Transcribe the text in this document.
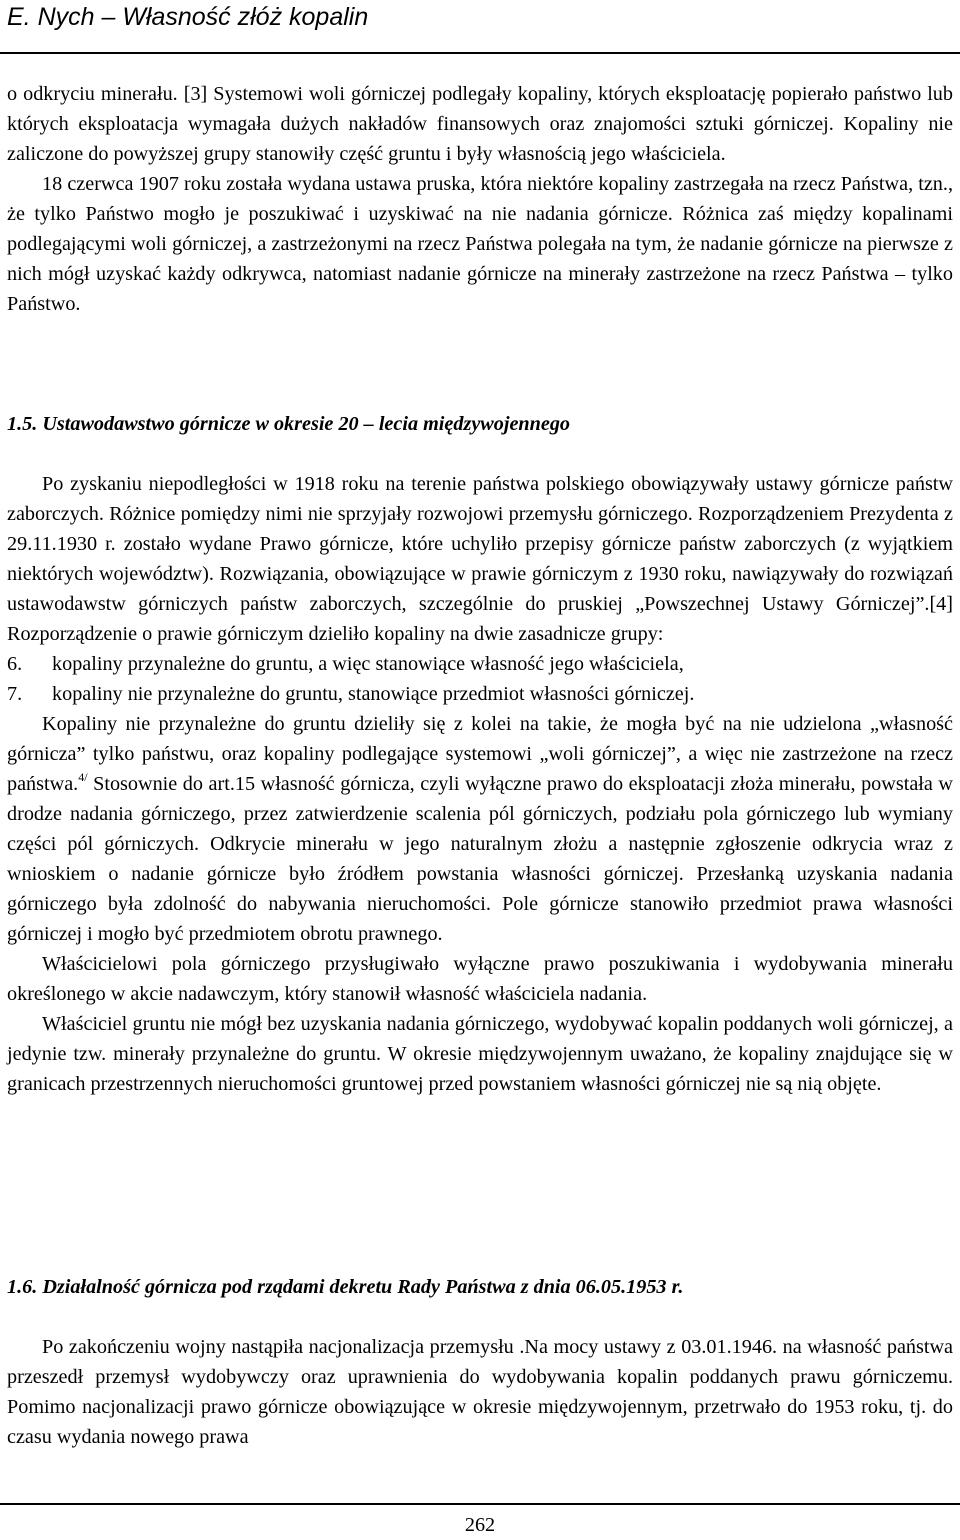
E. Nych – Własność złóż kopalin

o odkryciu minerału. [3] Systemowi woli górniczej podlegały kopaliny, których eksploatację popierało państwo lub których eksploatacja wymagała dużych nakładów finansowych oraz znajomości sztuki górniczej. Kopaliny nie zaliczone do powyższej grupy stanowiły część gruntu i były własnością jego właściciela.

18 czerwca 1907 roku została wydana ustawa pruska, która niektóre kopaliny zastrzegała na rzecz Państwa, tzn., że tylko Państwo mogło je poszukiwać i uzyskiwać na nie nadania górnicze. Różnica zaś między kopalinami podlegającymi woli górniczej, a zastrzeżonymi na rzecz Państwa polegała na tym, że nadanie górnicze na pierwsze z nich mógł uzyskać każdy odkrywca, natomiast nadanie górnicze na minerały zastrzeżone na rzecz Państwa – tylko Państwo.

1.5. Ustawodawstwo górnicze w okresie 20 – lecia międzywojennego

Po zyskaniu niepodległości w 1918 roku na terenie państwa polskiego obowiązywały ustawy górnicze państw zaborczych. Różnice pomiędzy nimi nie sprzyjały rozwojowi przemysłu górniczego. Rozporządzeniem Prezydenta z 29.11.1930 r. zostało wydane Prawo górnicze, które uchyliło przepisy górnicze państw zaborczych (z wyjątkiem niektórych województw). Rozwiązania, obowiązujące w prawie górniczym z 1930 roku, nawiązywały do rozwiązań ustawodawstw górniczych państw zaborczych, szczególnie do pruskiej „Powszechnej Ustawy Górniczej”.[4] Rozporządzenie o prawie górniczym dzieliło kopaliny na dwie zasadnicze grupy:

6.	kopaliny przynależne do gruntu, a więc stanowiące własność jego właściciela,
7.	kopaliny nie przynależne do gruntu, stanowiące przedmiot własności górniczej.

Kopaliny nie przynależne do gruntu dzieliły się z kolei na takie, że mogła być na nie udzielona „własność górnicza” tylko państwu, oraz kopaliny podlegające systemowi „woli górniczej”, a więc nie zastrzeżone na rzecz państwa.$^{4/}$ Stosownie do art.15 własność górnicza, czyli wyłączne prawo do eksploatacji złoża minerału, powstała w drodze nadania górniczego, przez zatwierdzenie scalenia pól górniczych, podziału pola górniczego lub wymiany części pól górniczych. Odkrycie minerału w jego naturalnym złożu a następnie zgłoszenie odkrycia wraz z wnioskiem o nadanie górnicze było źródłem powstania własności górniczej. Przesłanką uzyskania nadania górniczego była zdolność do nabywania nieruchomości. Pole górnicze stanowiło przedmiot prawa własności górniczej i mogło być przedmiotem obrotu prawnego.

Właścicielowi pola górniczego przysługiwało wyłączne prawo poszukiwania i wydobywania minerału określonego w akcie nadawczym, który stanowił własność właściciela nadania.

Właściciel gruntu nie mógł bez uzyskania nadania górniczego, wydobywać kopalin poddanych woli górniczej, a jedynie tzw. minerały przynależne do gruntu. W okresie międzywojennym uważano, że kopaliny znajdujące się w granicach przestrzennych nieruchomości gruntowej przed powstaniem własności górniczej nie są nią objęte.

1.6. Działalność górnicza pod rządami dekretu Rady Państwa z dnia 06.05.1953 r.

Po zakończeniu wojny nastąpiła nacjonalizacja przemysłu .Na mocy ustawy z 03.01.1946. na własność państwa przeszedł przemysł wydobywczy oraz uprawnienia do wydobywania kopalin poddanych prawu górniczemu. Pomimo nacjonalizacji prawo górnicze obowiązujące w okresie międzywojennym, przetrwało do 1953 roku, tj. do czasu wydania nowego prawa

262
